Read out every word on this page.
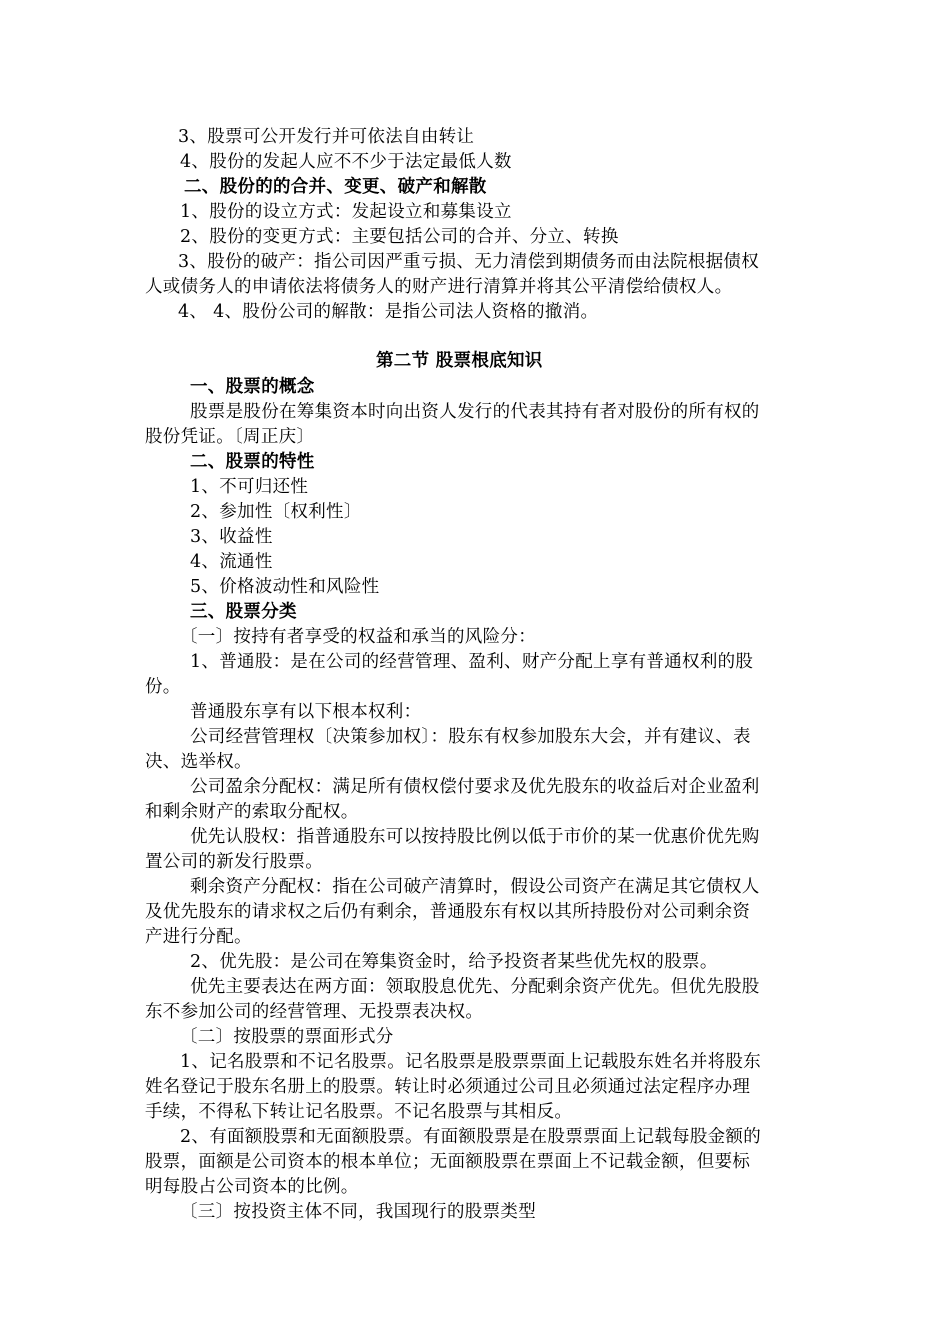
3、股票可公开发行并可依法自由转让
4、股份的发起人应不不少于法定最低人数
二、股份的的合并、变更、破产和解散
1、股份的设立方式：发起设立和募集设立
2、股份的变更方式：主要包括公司的合并、分立、转换
3、股份的破产：指公司因严重亏损、无力清偿到期债务而由法院根据债权
人或债务人的申请依法将债务人的财产进行清算并将其公平清偿给债权人。
4、 4、股份公司的解散：是指公司法人资格的撤消。
第二节 股票根底知识
一、股票的概念
股票是股份在筹集资本时向出资人发行的代表其持有者对股份的所有权的
股份凭证。〔周正庆〕
二、股票的特性
1、不可归还性
2、参加性〔权利性〕
3、收益性
4、流通性
5、价格波动性和风险性
三、股票分类
〔一〕按持有者享受的权益和承当的风险分：
1、普通股：是在公司的经营管理、盈利、财产分配上享有普通权利的股
份。
普通股东享有以下根本权利：
公司经营管理权〔决策参加权〕：股东有权参加股东大会，并有建议、表
决、选举权。
公司盈余分配权：满足所有债权偿付要求及优先股东的收益后对企业盈利
和剩余财产的索取分配权。
优先认股权：指普通股东可以按持股比例以低于市价的某一优惠价优先购
置公司的新发行股票。
剩余资产分配权：指在公司破产清算时，假设公司资产在满足其它债权人
及优先股东的请求权之后仍有剩余，普通股东有权以其所持股份对公司剩余资
产进行分配。
2、优先股：是公司在筹集资金时，给予投资者某些优先权的股票。
优先主要表达在两方面：领取股息优先、分配剩余资产优先。但优先股股
东不参加公司的经营管理、无投票表决权。
〔二〕按股票的票面形式分
1、记名股票和不记名股票。记名股票是股票票面上记载股东姓名并将股东
姓名登记于股东名册上的股票。转让时必须通过公司且必须通过法定程序办理
手续，不得私下转让记名股票。不记名股票与其相反。
2、有面额股票和无面额股票。有面额股票是在股票票面上记载每股金额的
股票，面额是公司资本的根本单位；无面额股票在票面上不记载金额，但要标
明每股占公司资本的比例。
〔三〕按投资主体不同，我国现行的股票类型
